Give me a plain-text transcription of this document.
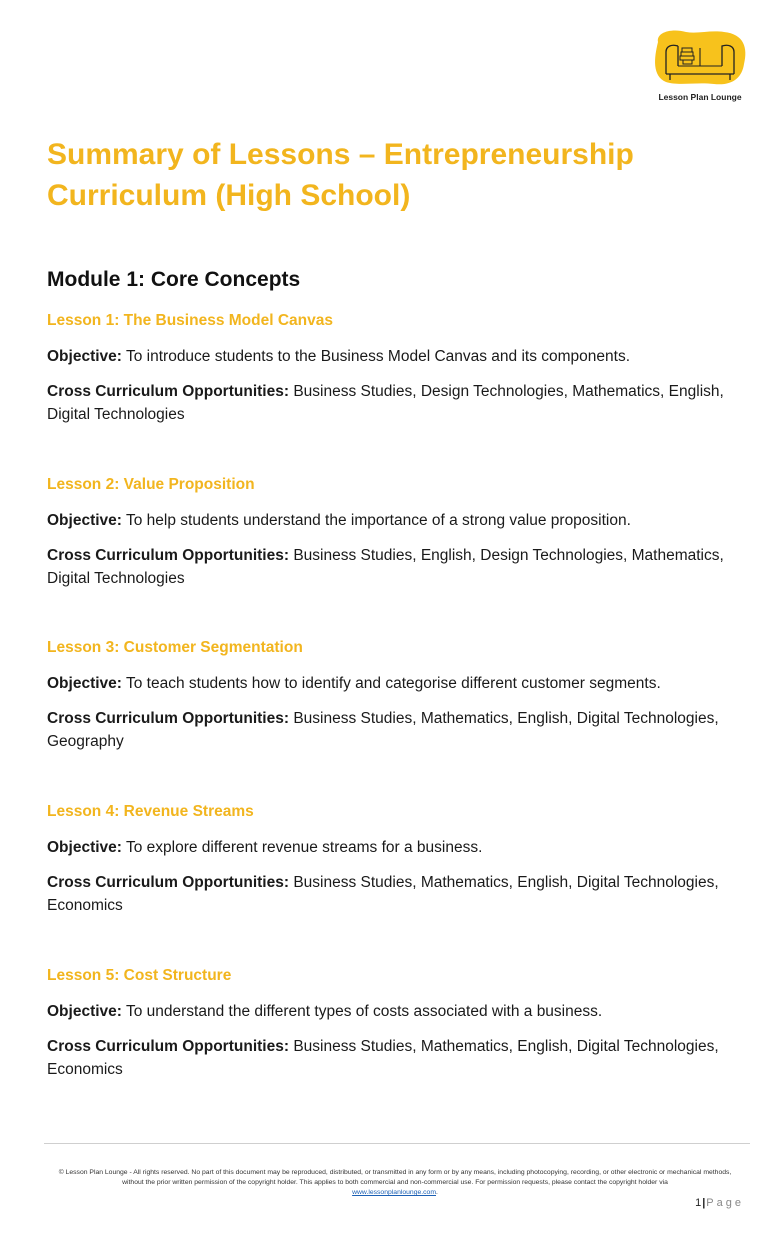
Lesson Plan Lounge
Summary of Lessons – Entrepreneurship Curriculum (High School)
Module 1: Core Concepts
Lesson 1: The Business Model Canvas

Objective: To introduce students to the Business Model Canvas and its components.

Cross Curriculum Opportunities: Business Studies, Design Technologies, Mathematics, English, Digital Technologies

Lesson 2: Value Proposition

Objective: To help students understand the importance of a strong value proposition.

Cross Curriculum Opportunities: Business Studies, English, Design Technologies, Mathematics, Digital Technologies

Lesson 3: Customer Segmentation

Objective: To teach students how to identify and categorise different customer segments.

Cross Curriculum Opportunities: Business Studies, Mathematics, English, Digital Technologies, Geography

Lesson 4: Revenue Streams

Objective: To explore different revenue streams for a business.

Cross Curriculum Opportunities: Business Studies, Mathematics, English, Digital Technologies, Economics

Lesson 5: Cost Structure

Objective: To understand the different types of costs associated with a business.

Cross Curriculum Opportunities: Business Studies, Mathematics, English, Digital Technologies, Economics

© Lesson Plan Lounge - All rights reserved. No part of this document may be reproduced, distributed, or transmitted in any form or by any means, including photocopying, recording, or other electronic or mechanical methods, without the prior written permission of the copyright holder. This applies to both commercial and non-commercial use. For permission requests, please contact the copyright holder via
www.lessonplanlounge.com.
1|Page
